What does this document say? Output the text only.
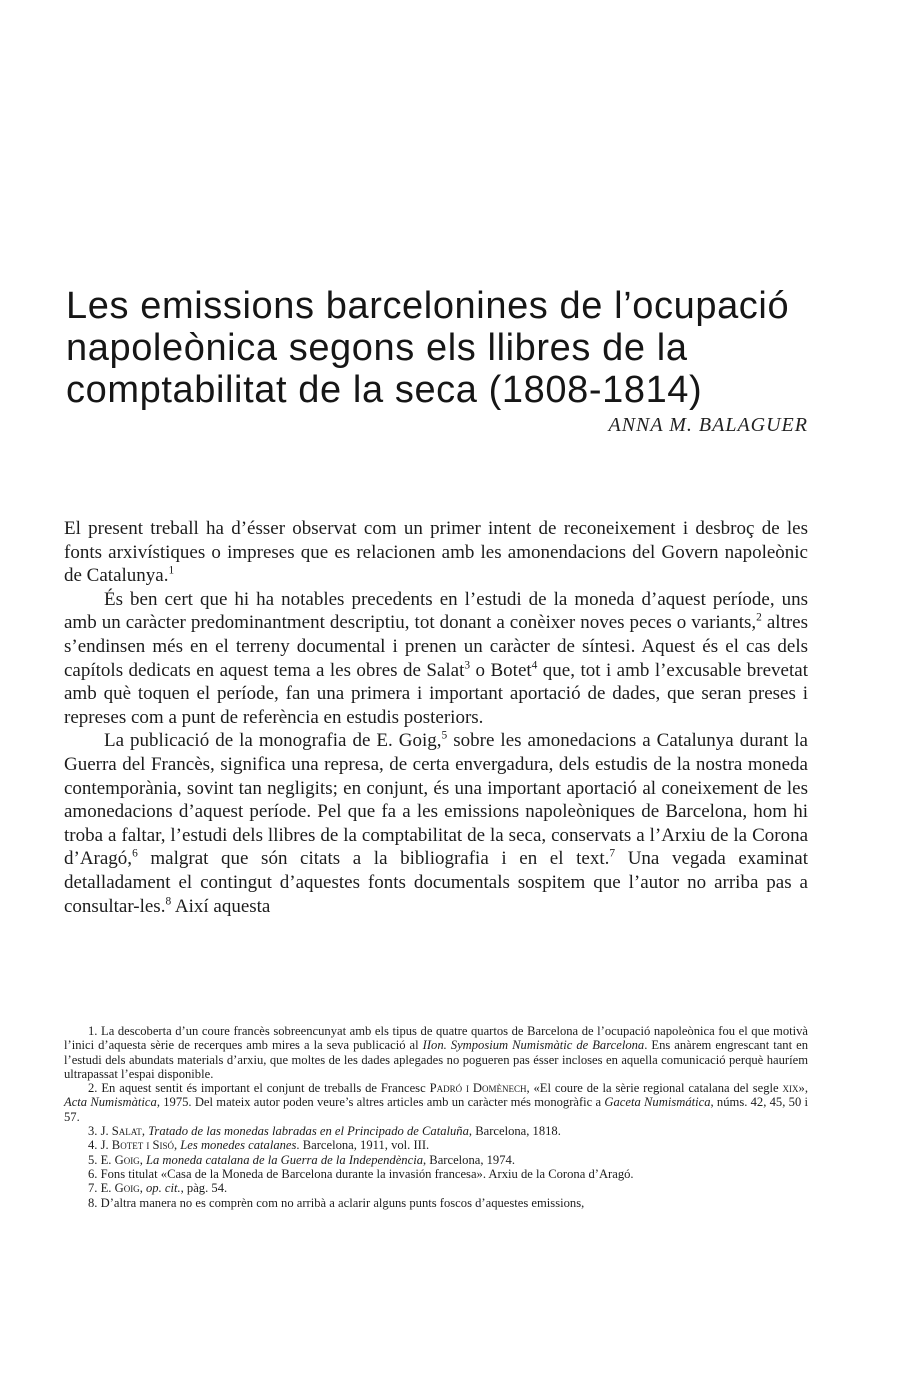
Les emissions barcelonines de l’ocupació
napoleònica segons els llibres de la
comptabilitat de la seca (1808-1814)
ANNA M. BALAGUER

El present treball ha d’ésser observat com un primer intent de reconeixement i desbroç de les fonts arxivístiques o impreses que es relacionen amb les amonendacions del Govern napoleònic de Catalunya.$^1$

És ben cert que hi ha notables precedents en l’estudi de la moneda d’aquest període, uns amb un caràcter predominantment descriptiu, tot donant a conèixer noves peces o variants,$^2$ altres s’endinsen més en el terreny documental i prenen un caràcter de síntesi. Aquest és el cas dels capítols dedicats en aquest tema a les obres de Salat$^3$ o Botet$^4$ que, tot i amb l’excusable brevetat amb què toquen el període, fan una primera i important aportació de dades, que seran preses i represes com a punt de referència en estudis posteriors.

La publicació de la monografia de E. Goig,$^5$ sobre les amonedacions a Catalunya durant la Guerra del Francès, significa una represa, de certa envergadura, dels estudis de la nostra moneda contemporània, sovint tan negligits; en conjunt, és una important aportació al coneixement de les amonedacions d’aquest període. Pel que fa a les emissions napoleòniques de Barcelona, hom hi troba a faltar, l’estudi dels llibres de la comptabilitat de la seca, conservats a l’Arxiu de la Corona d’Aragó,$^6$ malgrat que són citats a la bibliografia i en el text.$^7$ Una vegada examinat detalladament el contingut d’aquestes fonts documentals sospitem que l’autor no arriba pas a consultar-les.$^8$ Així aquesta

1. La descoberta d’un coure francès sobreencunyat amb els tipus de quatre quartos de Barcelona de l’ocupació napoleònica fou el que motivà l’inici d’aquesta sèrie de recerques amb mires a la seva publicació al IIon. Symposium Numismàtic de Barcelona. Ens anàrem engrescant tant en l’estudi dels abundats materials d’arxiu, que moltes de les dades aplegades no pogueren pas ésser incloses en aquella comunicació perquè hauríem ultrapassat l’espai disponible.

2. En aquest sentit és important el conjunt de treballs de Francesc Padró i Domènech, «El coure de la sèrie regional catalana del segle xix», Acta Numismàtica, 1975. Del mateix autor poden veure’s altres articles amb un caràcter més monogràfic a Gaceta Numismática, núms. 42, 45, 50 i 57.

3. J. Salat, Tratado de las monedas labradas en el Principado de Cataluña, Barcelona, 1818.

4. J. Botet i Sisó, Les monedes catalanes. Barcelona, 1911, vol. III.

5. E. Goig, La moneda catalana de la Guerra de la Independència, Barcelona, 1974.

6. Fons titulat «Casa de la Moneda de Barcelona durante la invasión francesa». Arxiu de la Corona d’Aragó.

7. E. Goig, op. cit., pàg. 54.

8. D’altra manera no es comprèn com no arribà a aclarir alguns punts foscos d’aquestes emissions,
